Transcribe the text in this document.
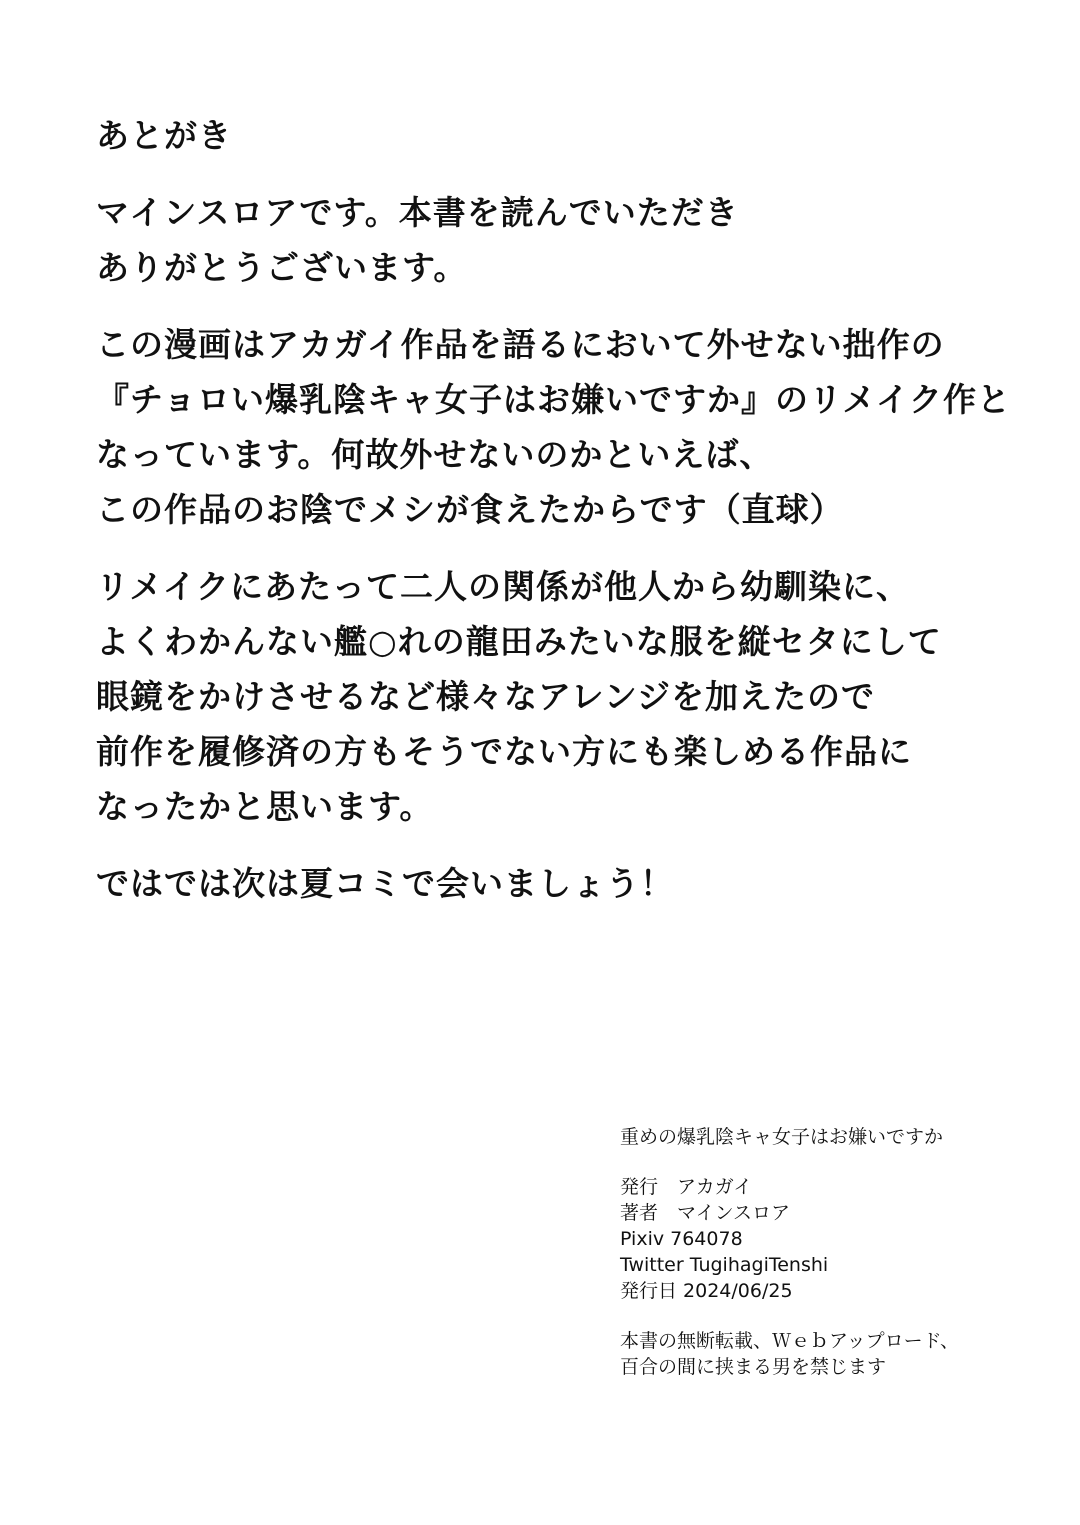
あとがき
マインスロアです。本書を読んでいただき
ありがとうございます。
この漫画はアカガイ作品を語るにおいて外せない拙作の
『チョロい爆乳陰キャ女子はお嫌いですか』のリメイク作と
なっています。何故外せないのかといえば、
この作品のお陰でメシが食えたからです（直球）
リメイクにあたって二人の関係が他人から幼馴染に、
よくわかんない艦○れの龍田みたいな服を縦セタにして
眼鏡をかけさせるなど様々なアレンジを加えたので
前作を履修済の方もそうでない方にも楽しめる作品に
なったかと思います。
ではでは次は夏コミで会いましょう！
重めの爆乳陰キャ女子はお嫌いですか
発行　アカガイ
著者　マインスロア
Pixiv 764078
Twitter TugihagiTenshi
発行日 2024/06/25
本書の無断転載、Ｗｅｂアップロード、
百合の間に挟まる男を禁じます
